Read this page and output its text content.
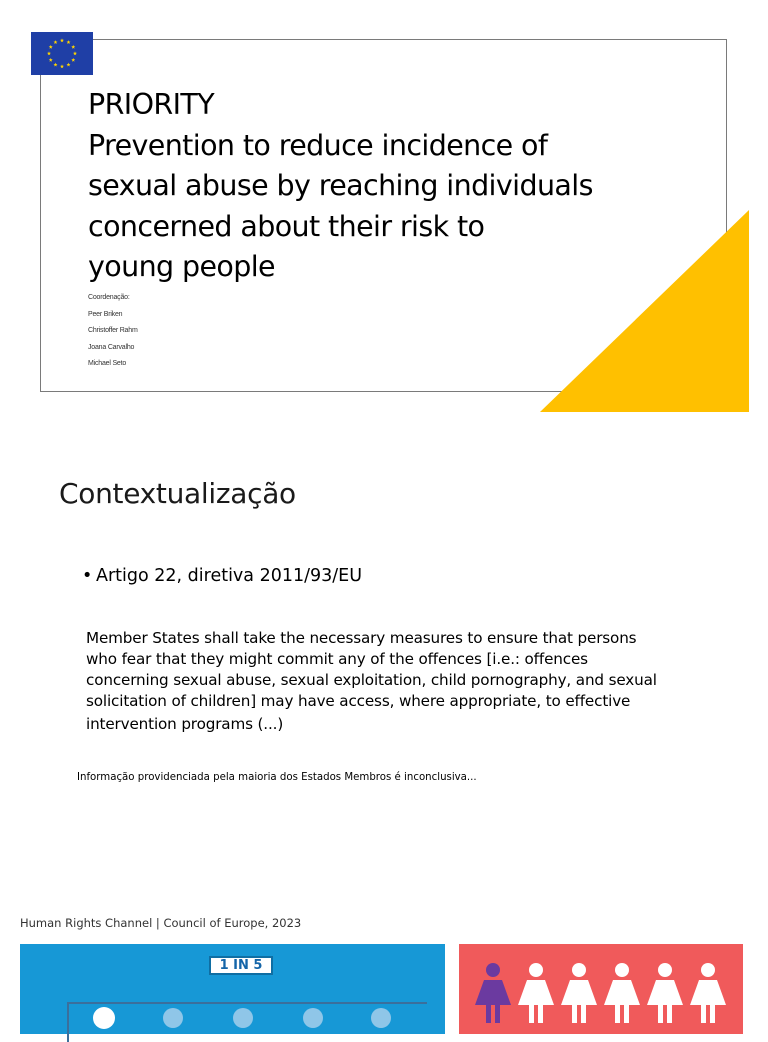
PRIORITY
Prevention to reduce incidence of
sexual abuse by reaching individuals
concerned about their risk to
young people
Coordenação:
Peer Briken
Christoffer Rahm
Joana Carvalho
Michael Seto
Contextualização
• Artigo 22, diretiva 2011/93/EU
Member States shall take the necessary measures to ensure that persons
who fear that they might commit any of the offences [i.e.: offences
concerning sexual abuse, sexual exploitation, child pornography, and sexual
solicitation of children] may have access, where appropriate, to effective
intervention programs (...)
Informação providenciada pela maioria dos Estados Membros é inconclusiva...
Human Rights Channel | Council of Europe, 2023
1 IN 5
